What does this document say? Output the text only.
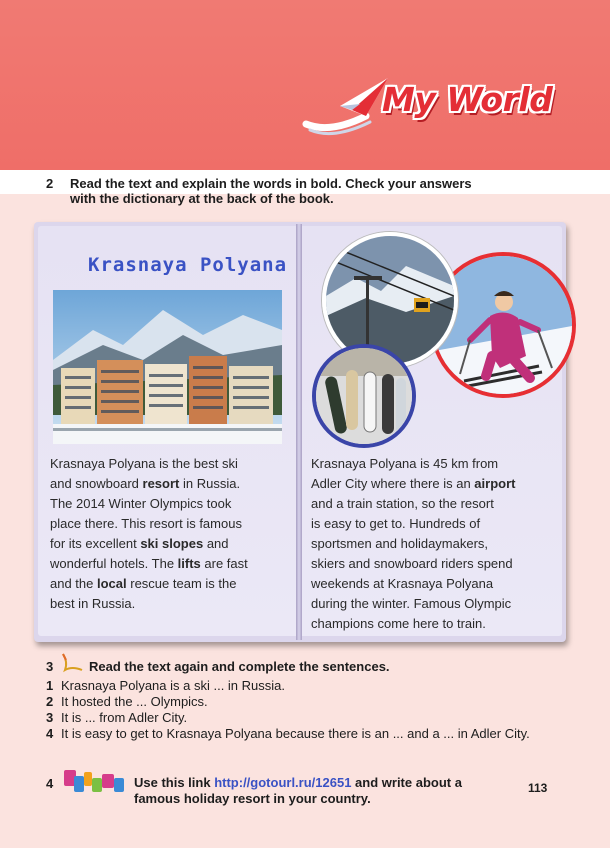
My World
2 Read the text and explain the words in bold. Check your answers
with the dictionary at the back of the book.
Krasnaya Polyana
Krasnaya Polyana is the best ski
and snowboard resort in Russia.
The 2014 Winter Olympics took
place there. This resort is famous
for its excellent ski slopes and
wonderful hotels. The lifts are fast
and the local rescue team is the
best in Russia.
Krasnaya Polyana is 45 km from
Adler City where there is an airport
and a train station, so the resort
is easy to get to. Hundreds of
sportsmen and holidaymakers,
skiers and snowboard riders spend
weekends at Krasnaya Polyana
during the winter. Famous Olympic
champions come here to train.
3	Read the text again and complete the sentences.
1 Krasnaya Polyana is a ski ... in Russia.
2 It hosted the ... Olympics.
3 It is ... from Adler City.
4 It is easy to get to Krasnaya Polyana because there is an ... and a ... in Adler City.
4	Use this link http://gotourl.ru/12651 and write about a famous holiday resort in your country.
113
